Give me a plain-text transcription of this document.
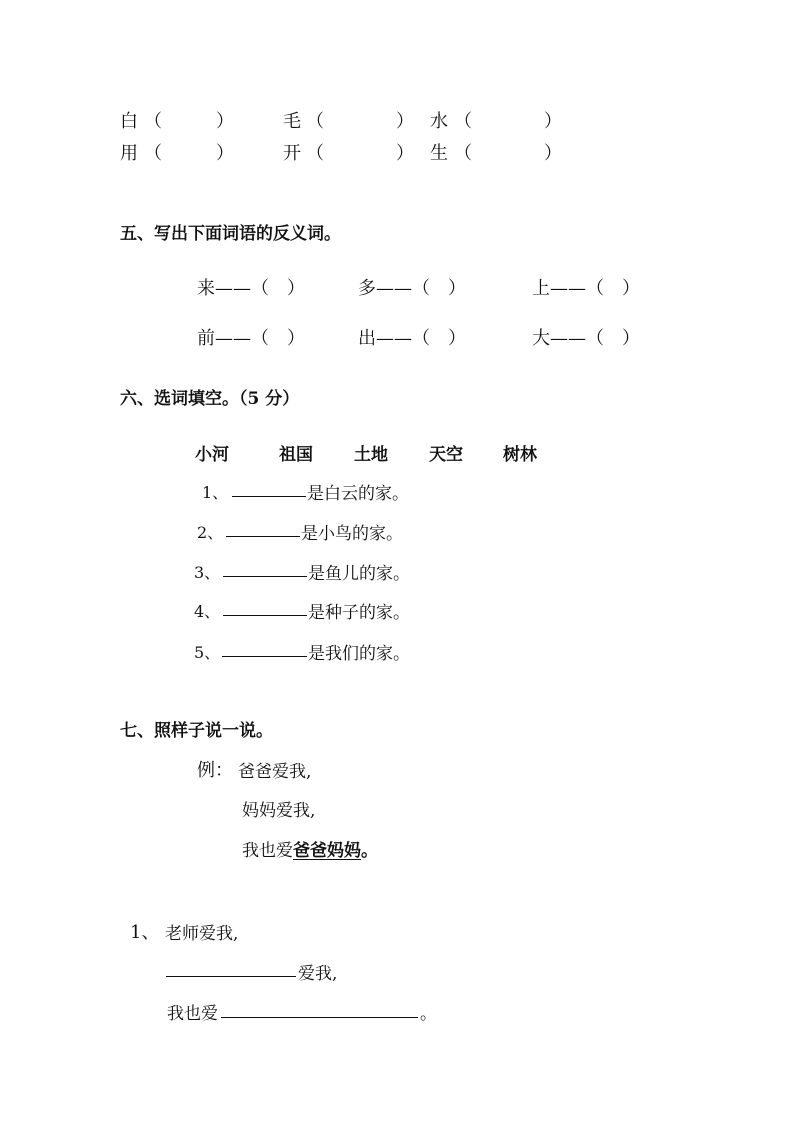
白 （　　　）	毛 （　　　　） 水 （　　　　）
用 （　　　）	开 （　　　　） 生 （　　　　）
五、写出下面词语的反义词。
来——（　）	多——（　）	上——（　）
前——（　）	出——（　）	大——（　）
六、选词填空。（5 分）
小河	祖国 土地 天空 树林
1、	是白云的家。
2、	是小鸟的家。
3、	是鱼儿的家。
4、	是种子的家。
5、	是我们的家。
七、照样子说一说。
例： 爸爸爱我,
妈妈爱我,
我也爱爸爸妈妈。
1、 老师爱我,
爱我,
我也爱	。
